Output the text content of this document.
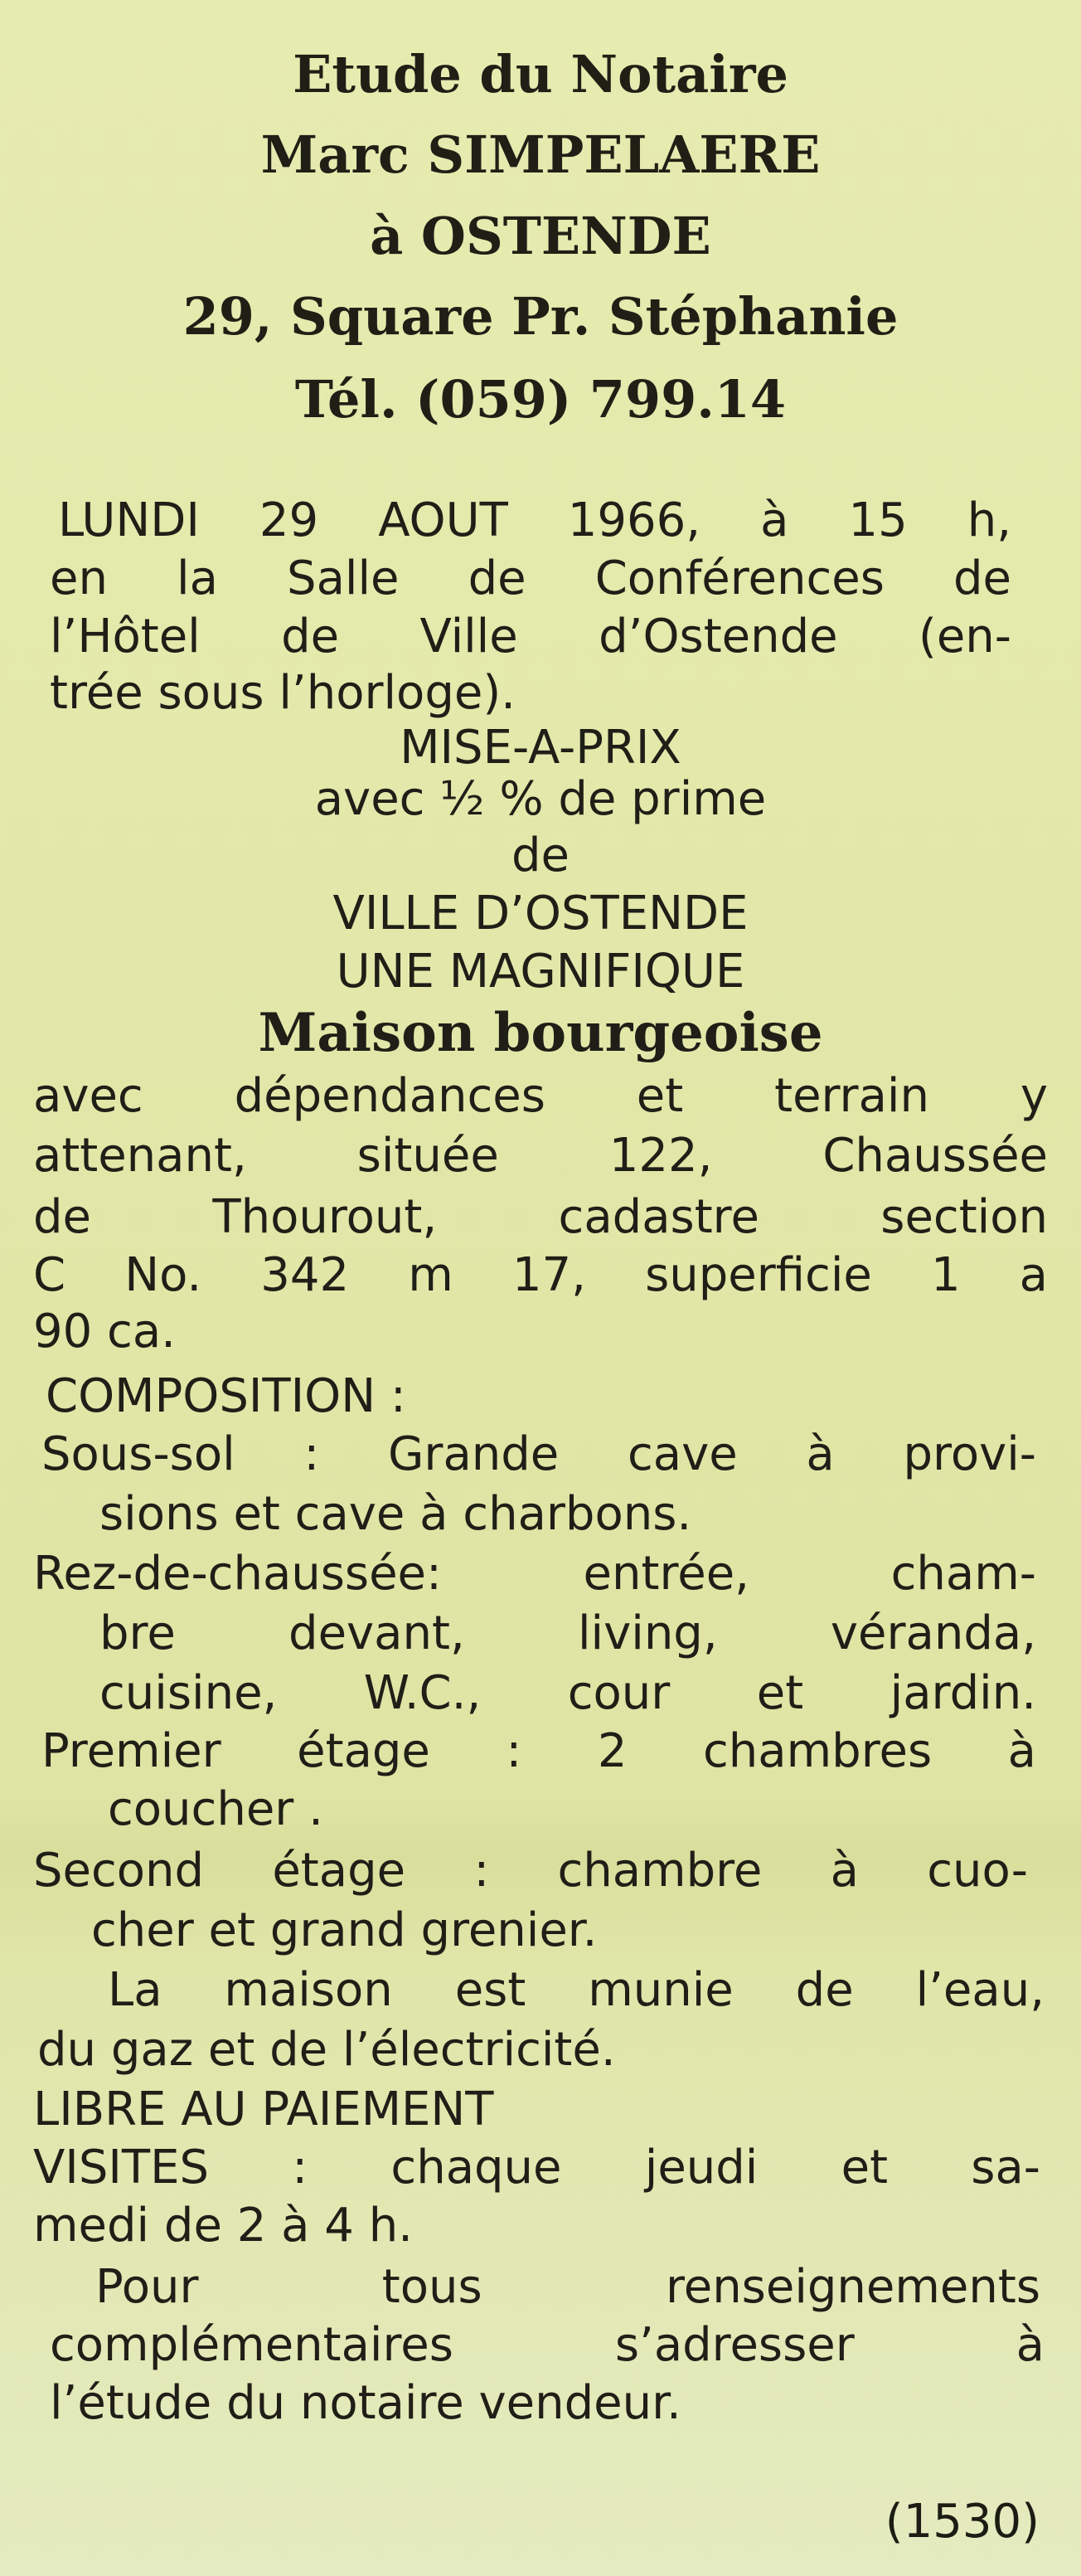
Etude du Notaire
Marc SIMPELAERE
à OSTENDE
29, Square Pr. Stéphanie
Tél. (059) 799.14
LUNDI 29 AOUT 1966, à 15 h,
en la Salle de Conférences de
l’Hôtel de Ville d’Ostende (en-
trée sous l’horloge).
MISE-A-PRIX
avec ½ % de prime
de
VILLE D’OSTENDE
UNE MAGNIFIQUE
Maison bourgeoise
avec dépendances et terrain y
attenant, située 122, Chaussée
de Thourout, cadastre section
C No. 342 m 17, superficie 1 a
90 ca.
COMPOSITION :
Sous-sol : Grande cave à provi-
sions et cave à charbons.
Rez-de-chaussée: entrée, cham-
bre devant, living, véranda,
cuisine, W.C., cour et jardin.
Premier étage : 2 chambres à
coucher .
Second étage : chambre à cuo-
cher et grand grenier.
La maison est munie de l’eau,
du gaz et de l’électricité.
LIBRE AU PAIEMENT
VISITES : chaque jeudi et sa-
medi de 2 à 4 h.
Pour tous renseignements
complémentaires s’adresser à
l’étude du notaire vendeur.
(1530)
